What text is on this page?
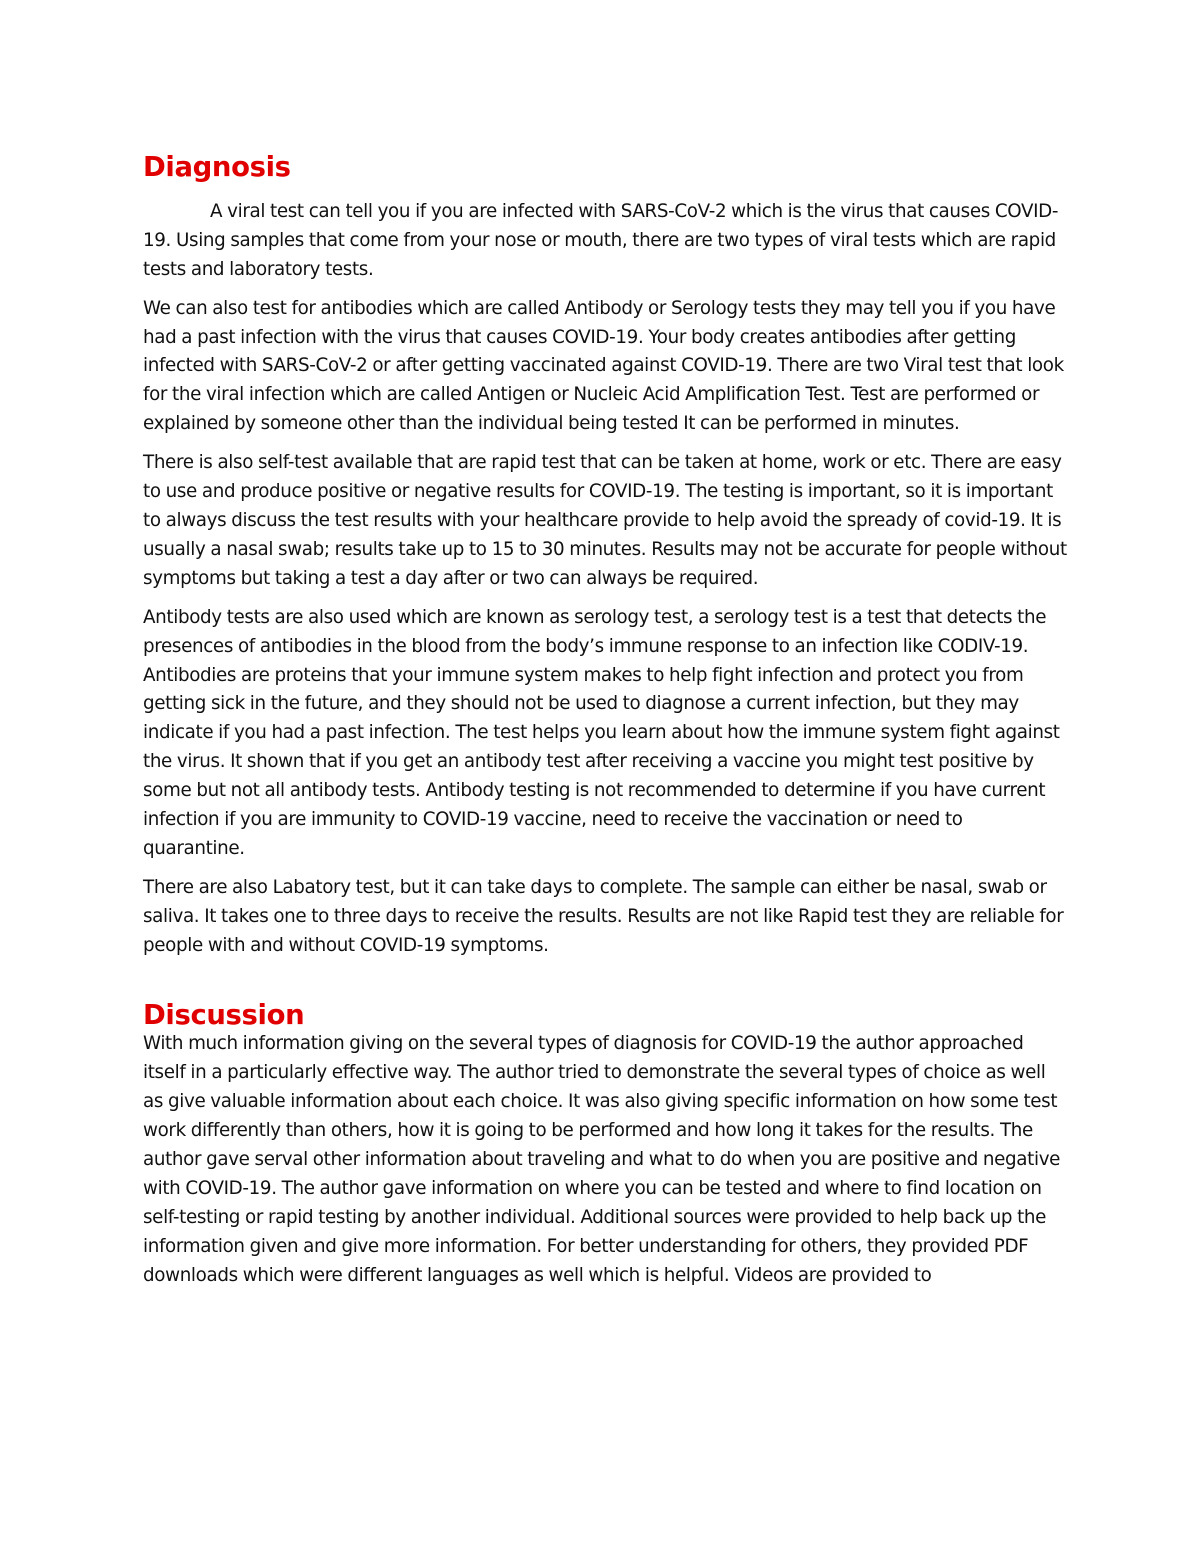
Diagnosis

A viral test can tell you if you are infected with SARS-CoV-2 which is the virus that causes COVID-19. Using samples that come from your nose or mouth, there are two types of viral tests which are rapid tests and laboratory tests.

We can also test for antibodies which are called Antibody or Serology tests they may tell you if you have had a past infection with the virus that causes COVID-19. Your body creates antibodies after getting infected with SARS-CoV-2 or after getting vaccinated against COVID-19. There are two Viral test that look for the viral infection which are called Antigen or Nucleic Acid Amplification Test. Test are performed or explained by someone other than the individual being tested It can be performed in minutes.

There is also self-test available that are rapid test that can be taken at home, work or etc. There are easy to use and produce positive or negative results for COVID-19. The testing is important, so it is important to always discuss the test results with your healthcare provide to help avoid the spready of covid-19. It is usually a nasal swab; results take up to 15 to 30 minutes. Results may not be accurate for people without symptoms but taking a test a day after or two can always be required.

Antibody tests are also used which are known as serology test, a serology test is a test that detects the presences of antibodies in the blood from the body’s immune response to an infection like CODIV-19. Antibodies are proteins that your immune system makes to help fight infection and protect you from getting sick in the future, and they should not be used to diagnose a current infection, but they may indicate if you had a past infection. The test helps you learn about how the immune system fight against the virus. It shown that if you get an antibody test after receiving a vaccine you might test positive by some but not all antibody tests. Antibody testing is not recommended to determine if you have current infection if you are immunity to COVID-19 vaccine, need to receive the vaccination or need to quarantine.

There are also Labatory test, but it can take days to complete. The sample can either be nasal, swab or saliva. It takes one to three days to receive the results. Results are not like Rapid test they are reliable for people with and without COVID-19 symptoms.

Discussion

With much information giving on the several types of diagnosis for COVID-19 the author approached itself in a particularly effective way. The author tried to demonstrate the several types of choice as well as give valuable information about each choice. It was also giving specific information on how some test work differently than others, how it is going to be performed and how long it takes for the results. The author gave serval other information about traveling and what to do when you are positive and negative with COVID-19. The author gave information on where you can be tested and where to find location on self-testing or rapid testing by another individual. Additional sources were provided to help back up the information given and give more information. For better understanding for others, they provided PDF downloads which were different languages as well which is helpful. Videos are provided to
